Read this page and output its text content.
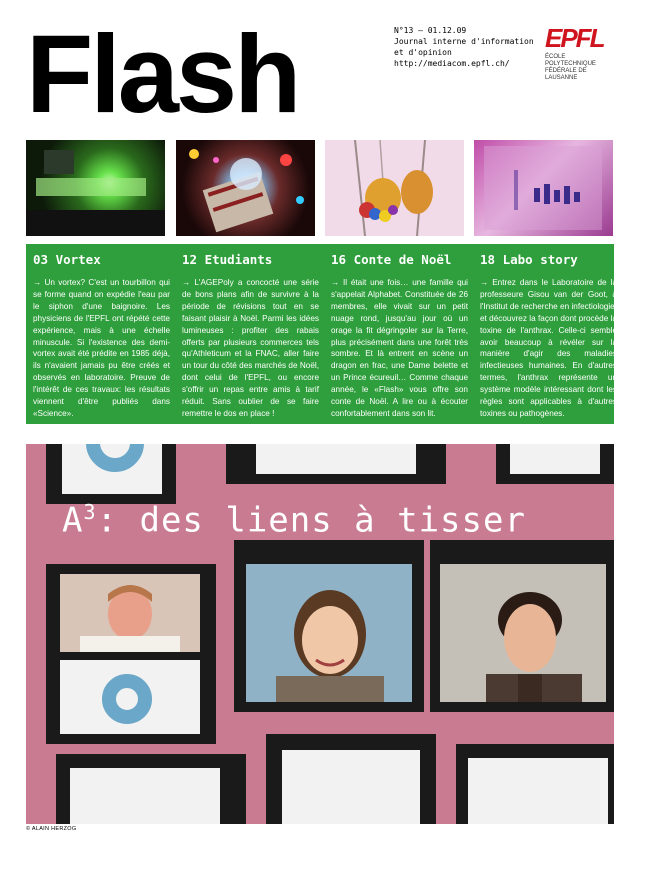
Flash	N°13 – 01.12.09
Journal interne d'information
et d'opinion
http://mediacom.epfl.ch/
EPFL
ÉCOLE POLYTECHNIQUE
FÉDÉRALE DE LAUSANNE
03 Vortex

→ Un vortex? C'est un tourbillon qui se forme quand on expédie l'eau par le siphon d'une baignoire. Les physiciens de l'EPFL ont répété cette expérience, mais à une échelle minuscule. Si l'existence des demi-vortex avait été prédite en 1985 déjà, ils n'avaient jamais pu être créés et observés en laboratoire. Preuve de l'intérêt de ces travaux: les résultats viennent d'être publiés dans «Science».

12 Etudiants

→ L'AGEPoly a concocté une série de bons plans afin de survivre à la période de révisions tout en se faisant plaisir à Noël. Parmi les idées lumineuses : profiter des rabais offerts par plusieurs commerces tels qu'Athleticum et la FNAC, aller faire un tour du côté des marchés de Noël, dont celui de l'EPFL, ou encore s'offrir un repas entre amis à tarif réduit. Sans oublier de se faire remettre le dos en place !

16 Conte de Noël

→ Il était une fois… une famille qui s'appelait Alphabet. Constituée de 26 membres, elle vivait sur un petit nuage rond, jusqu'au jour où un orage la fit dégringoler sur la Terre, plus précisément dans une forêt très sombre. Et là entrent en scène un dragon en frac, une Dame belette et un Prince écureuil… Comme chaque année, le «Flash» vous offre son conte de Noël. A lire ou à écouter confortablement dans son lit.

18 Labo story

→ Entrez dans le Laboratoire de la professeure Gisou van der Goot, à l'Institut de recherche en infectiologie, et découvrez la façon dont procède la toxine de l'anthrax. Celle-ci semble avoir beaucoup à révéler sur la manière d'agir des maladies infectieuses humaines. En d'autres termes, l'anthrax représente un système modèle intéressant dont les règles sont applicables à d'autres toxines ou pathogènes.

$A^3$: des liens à tisser
© ALAIN HERZOG
